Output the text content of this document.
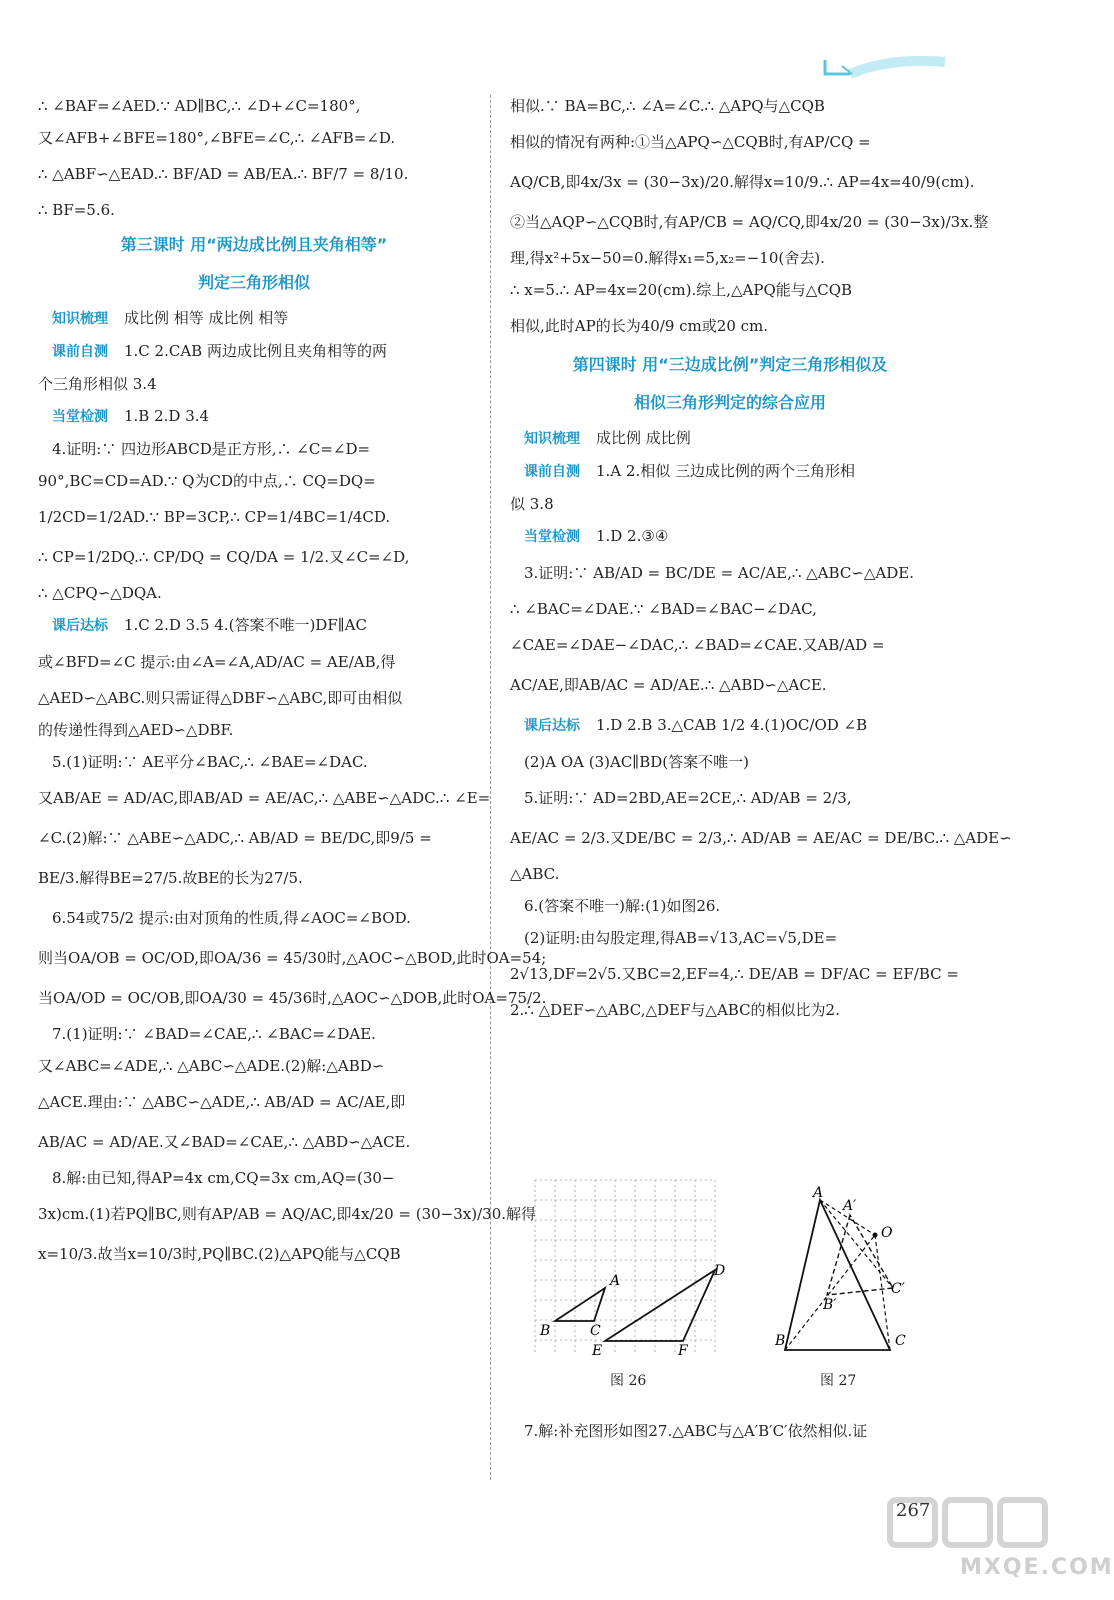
∴ ∠BAF=∠AED.∵ AD∥BC,∴ ∠D+∠C=180°,

又∠AFB+∠BFE=180°,∠BFE=∠C,∴ ∠AFB=∠D.

∴ △ABF∽△EAD.∴ BF/AD = AB/EA.∴ BF/7 = 8/10.

∴ BF=5.6.

第三课时 用“两边成比例且夹角相等”
判定三角形相似

知识梳理 成比例 相等 成比例 相等

课前自测 1.C 2.CAB 两边成比例且夹角相等的两

个三角形相似 3.4

当堂检测 1.B 2.D 3.4

4.证明:∵ 四边形ABCD是正方形,∴ ∠C=∠D=

90°,BC=CD=AD.∵ Q为CD的中点,∴ CQ=DQ=

1/2CD=1/2AD.∵ BP=3CP,∴ CP=1/4BC=1/4CD.

∴ CP=1/2DQ.∴ CP/DQ = CQ/DA = 1/2.又∠C=∠D,

∴ △CPQ∽△DQA.

课后达标 1.C 2.D 3.5 4.(答案不唯一)DF∥AC

或∠BFD=∠C 提示:由∠A=∠A,AD/AC = AE/AB,得

△AED∽△ABC.则只需证得△DBF∽△ABC,即可由相似

的传递性得到△AED∽△DBF.

5.(1)证明:∵ AE平分∠BAC,∴ ∠BAE=∠DAC.

又AB/AE = AD/AC,即AB/AD = AE/AC,∴ △ABE∽△ADC.∴ ∠E=

∠C.(2)解:∵ △ABE∽△ADC,∴ AB/AD = BE/DC,即9/5 =

BE/3.解得BE=27/5.故BE的长为27/5.

6.54或75/2 提示:由对顶角的性质,得∠AOC=∠BOD.

则当OA/OB = OC/OD,即OA/36 = 45/30时,△AOC∽△BOD,此时OA=54;

当OA/OD = OC/OB,即OA/30 = 45/36时,△AOC∽△DOB,此时OA=75/2.

7.(1)证明:∵ ∠BAD=∠CAE,∴ ∠BAC=∠DAE.

又∠ABC=∠ADE,∴ △ABC∽△ADE.(2)解:△ABD∽

△ACE.理由:∵ △ABC∽△ADE,∴ AB/AD = AC/AE,即

AB/AC = AD/AE.又∠BAD=∠CAE,∴ △ABD∽△ACE.

8.解:由已知,得AP=4x cm,CQ=3x cm,AQ=(30−

3x)cm.(1)若PQ∥BC,则有AP/AB = AQ/AC,即4x/20 = (30−3x)/30.解得

x=10/3.故当x=10/3时,PQ∥BC.(2)△APQ能与△CQB

相似.∵ BA=BC,∴ ∠A=∠C.∴ △APQ与△CQB

相似的情况有两种:①当△APQ∽△CQB时,有AP/CQ =

AQ/CB,即4x/3x = (30−3x)/20.解得x=10/9.∴ AP=4x=40/9(cm).

②当△AQP∽△CQB时,有AP/CB = AQ/CQ,即4x/20 = (30−3x)/3x.整

理,得x²+5x−50=0.解得x₁=5,x₂=−10(舍去).

∴ x=5.∴ AP=4x=20(cm).综上,△APQ能与△CQB

相似,此时AP的长为40/9 cm或20 cm.

第四课时 用“三边成比例”判定三角形相似及
相似三角形判定的综合应用

知识梳理 成比例 成比例

课前自测 1.A 2.相似 三边成比例的两个三角形相

似 3.8

当堂检测 1.D 2.③④

3.证明:∵ AB/AD = BC/DE = AC/AE,∴ △ABC∽△ADE.

∴ ∠BAC=∠DAE.∵ ∠BAD=∠BAC−∠DAC,

∠CAE=∠DAE−∠DAC,∴ ∠BAD=∠CAE.又AB/AD =

AC/AE,即AB/AC = AD/AE.∴ △ABD∽△ACE.

课后达标 1.D 2.B 3.△CAB 1/2 4.(1)OC/OD ∠B

(2)A OA (3)AC∥BD(答案不唯一)

5.证明:∵ AD=2BD,AE=2CE,∴ AD/AB = 2/3,

AE/AC = 2/3.又DE/BC = 2/3,∴ AD/AB = AE/AC = DE/BC.∴ △ADE∽

△ABC.

6.(答案不唯一)解:(1)如图26.

(2)证明:由勾股定理,得AB=√13,AC=√5,DE=

2√13,DF=2√5.又BC=2,EF=4,∴ DE/AB = DF/AC = EF/BC =

2.∴ △DEF∽△ABC,△DEF与△ABC的相似比为2.

A
B	C
D
E	F
图 26
A
A′
O
C′
B′
B	C
图 27

7.解:补充图形如图27.△ABC与△A′B′C′依然相似.证

267
MXQE.COM
